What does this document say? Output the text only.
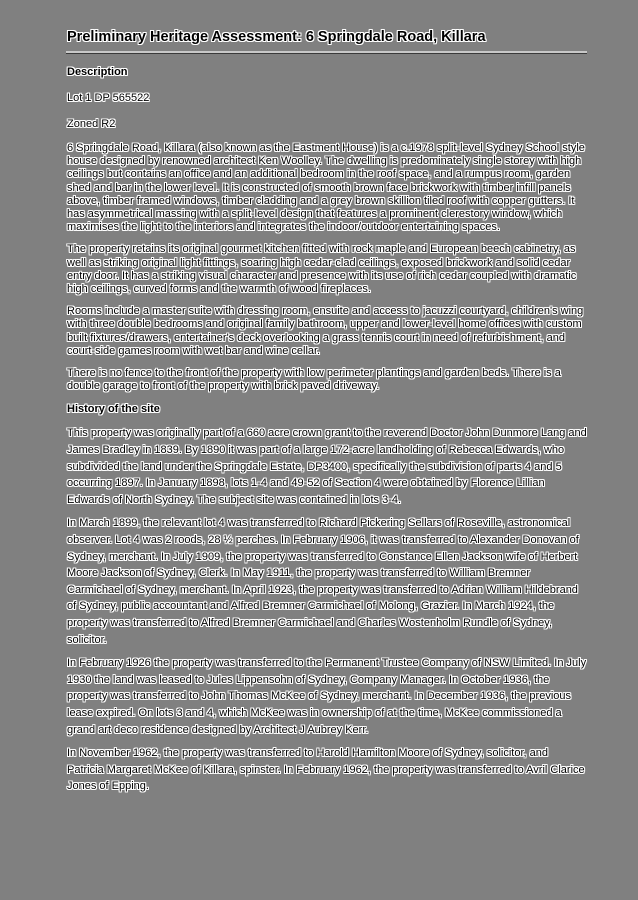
Preliminary Heritage Assessment: 6 Springdale Road, Killara
Description

Lot 1 DP 565522

Zoned R2

6 Springdale Road, Killara (also known as the Eastment House) is a c.1978 split-level Sydney School style house designed by renowned architect Ken Woolley. The dwelling is predominately single storey with high ceilings but contains an office and an additional bedroom in the roof space, and a rumpus room, garden shed and bar in the lower level. It is constructed of smooth brown face brickwork with timber infill panels above, timber framed windows, timber cladding and a grey brown skillion tiled roof with copper gutters. It has asymmetrical massing with a split-level design that features a prominent clerestory window, which maximises the light to the interiors and integrates the indoor/outdoor entertaining spaces.

The property retains its original gourmet kitchen fitted with rock maple and European beech cabinetry, as well as striking original light fittings, soaring high cedar-clad ceilings, exposed brickwork and solid cedar entry door. It has a striking visual character and presence with its use of rich cedar coupled with dramatic high ceilings, curved forms and the warmth of wood fireplaces.

Rooms include a master suite with dressing room, ensuite and access to jacuzzi courtyard, children's wing with three double bedrooms and original family bathroom, upper and lower-level home offices with custom built fixtures/drawers, entertainer's deck overlooking a grass tennis court in need of refurbishment, and court-side games room with wet bar and wine cellar.

There is no fence to the front of the property with low perimeter plantings and garden beds. There is a double garage to front of the property with brick paved driveway.

History of the site

This property was originally part of a 660 acre crown grant to the reverend Doctor John Dunmore Lang and James Bradley in 1839. By 1890 it was part of a large 172-acre landholding of Rebecca Edwards, who subdivided the land under the Springdale Estate, DP3400, specifically the subdivision of parts 4 and 5 occurring 1897. In January 1898, lots 1-4 and 49-52 of Section 4 were obtained by Florence Lillian Edwards of North Sydney. The subject site was contained in lots 3-4.

In March 1899, the relevant lot 4 was transferred to Richard Pickering Sellars of Roseville, astronomical observer. Lot 4 was 2 roods, 28 ½ perches. In February 1906, it was transferred to Alexander Donovan of Sydney, merchant. In July 1909, the property was transferred to Constance Ellen Jackson wife of Herbert Moore Jackson of Sydney, Clerk. In May 1911, the property was transferred to William Bremner Carmichael of Sydney, merchant. In April 1923, the property was transferred to Adrian William Hildebrand of Sydney, public accountant and Alfred Bremner Carmichael of Molong, Grazier. In March 1924, the property was transferred to Alfred Bremner Carmichael and Charles Wostenholm Rundle of Sydney, solicitor.

In February 1926 the property was transferred to the Permanent Trustee Company of NSW Limited. In July 1930 the land was leased to Jules Lippensohn of Sydney, Company Manager. In October 1936, the property was transferred to John Thomas McKee of Sydney, merchant. In December 1936, the previous lease expired. On lots 3 and 4, which McKee was in ownership of at the time, McKee commissioned a grand art deco residence designed by Architect J Aubrey Kerr.

In November 1962, the property was transferred to Harold Hamilton Moore of Sydney, solicitor, and Patricia Margaret McKee of Killara, spinster. In February 1962, the property was transferred to Avril Clarice Jones of Epping.
